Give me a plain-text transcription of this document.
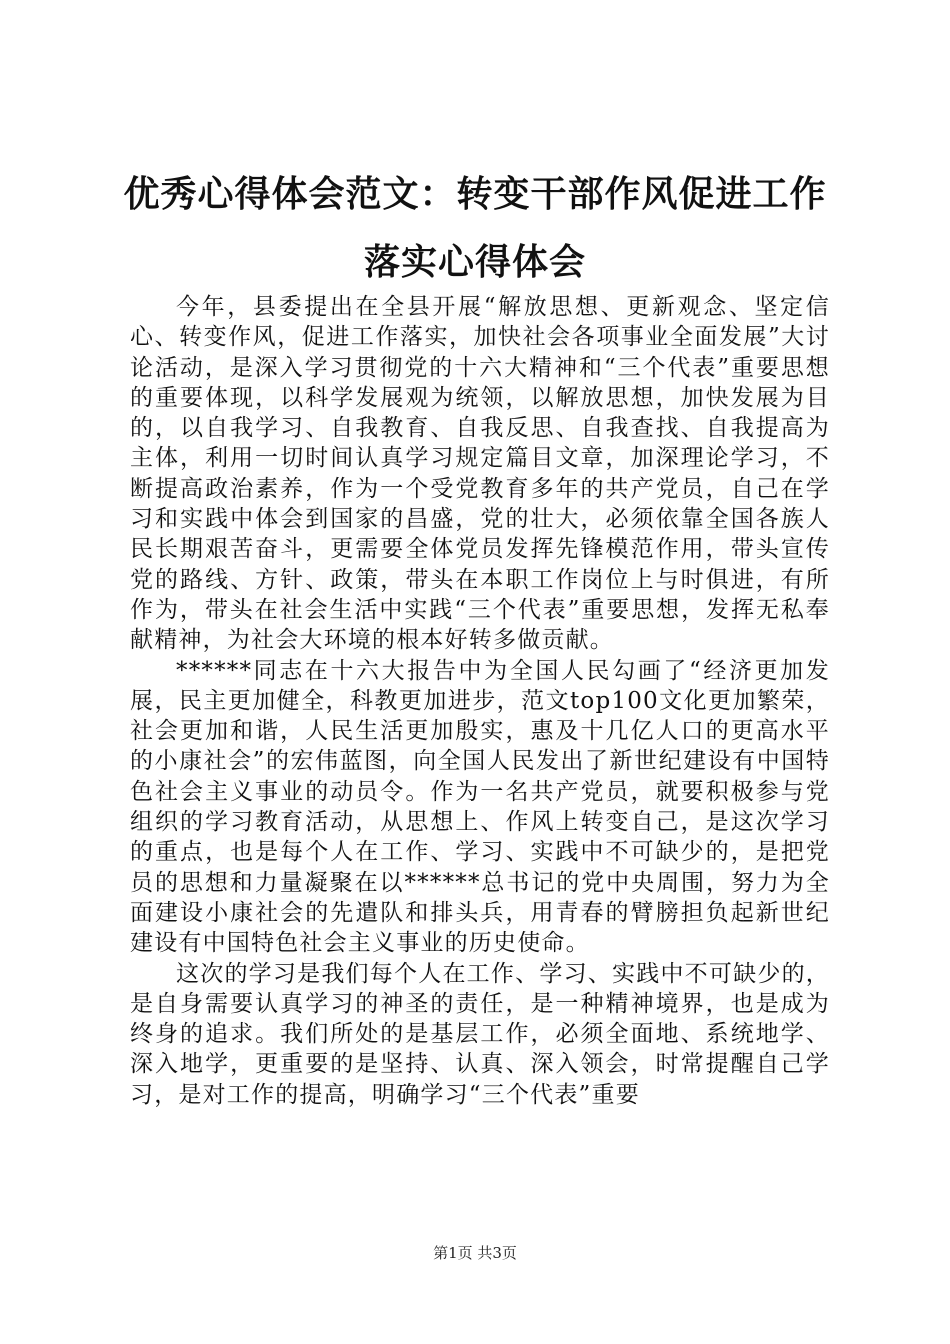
优秀心得体会范文：转变干部作风促进工作落实心得体会

今年，县委提出在全县开展“解放思想、更新观念、坚定信心、转变作风，促进工作落实，加快社会各项事业全面发展”大讨论活动，是深入学习贯彻党的十六大精神和“三个代表”重要思想的重要体现，以科学发展观为统领，以解放思想，加快发展为目的，以自我学习、自我教育、自我反思、自我查找、自我提高为主体，利用一切时间认真学习规定篇目文章，加深理论学习，不断提高政治素养，作为一个受党教育多年的共产党员，自己在学习和实践中体会到国家的昌盛，党的壮大，必须依靠全国各族人民长期艰苦奋斗，更需要全体党员发挥先锋模范作用，带头宣传党的路线、方针、政策，带头在本职工作岗位上与时俱进，有所作为，带头在社会生活中实践“三个代表”重要思想，发挥无私奉献精神，为社会大环境的根本好转多做贡献。

******同志在十六大报告中为全国人民勾画了“经济更加发展，民主更加健全，科教更加进步，范文top100文化更加繁荣，社会更加和谐，人民生活更加殷实，惠及十几亿人口的更高水平的小康社会”的宏伟蓝图，向全国人民发出了新世纪建设有中国特色社会主义事业的动员令。作为一名共产党员，就要积极参与党组织的学习教育活动，从思想上、作风上转变自己，是这次学习的重点，也是每个人在工作、学习、实践中不可缺少的，是把党员的思想和力量凝聚在以******总书记的党中央周围，努力为全面建设小康社会的先遣队和排头兵，用青春的臂膀担负起新世纪建设有中国特色社会主义事业的历史使命。

这次的学习是我们每个人在工作、学习、实践中不可缺少的，是自身需要认真学习的神圣的责任，是一种精神境界，也是成为终身的追求。我们所处的是基层工作，必须全面地、系统地学、深入地学，更重要的是坚持、认真、深入领会，时常提醒自己学习，是对工作的提高，明确学习“三个代表”重要

第1页 共3页
